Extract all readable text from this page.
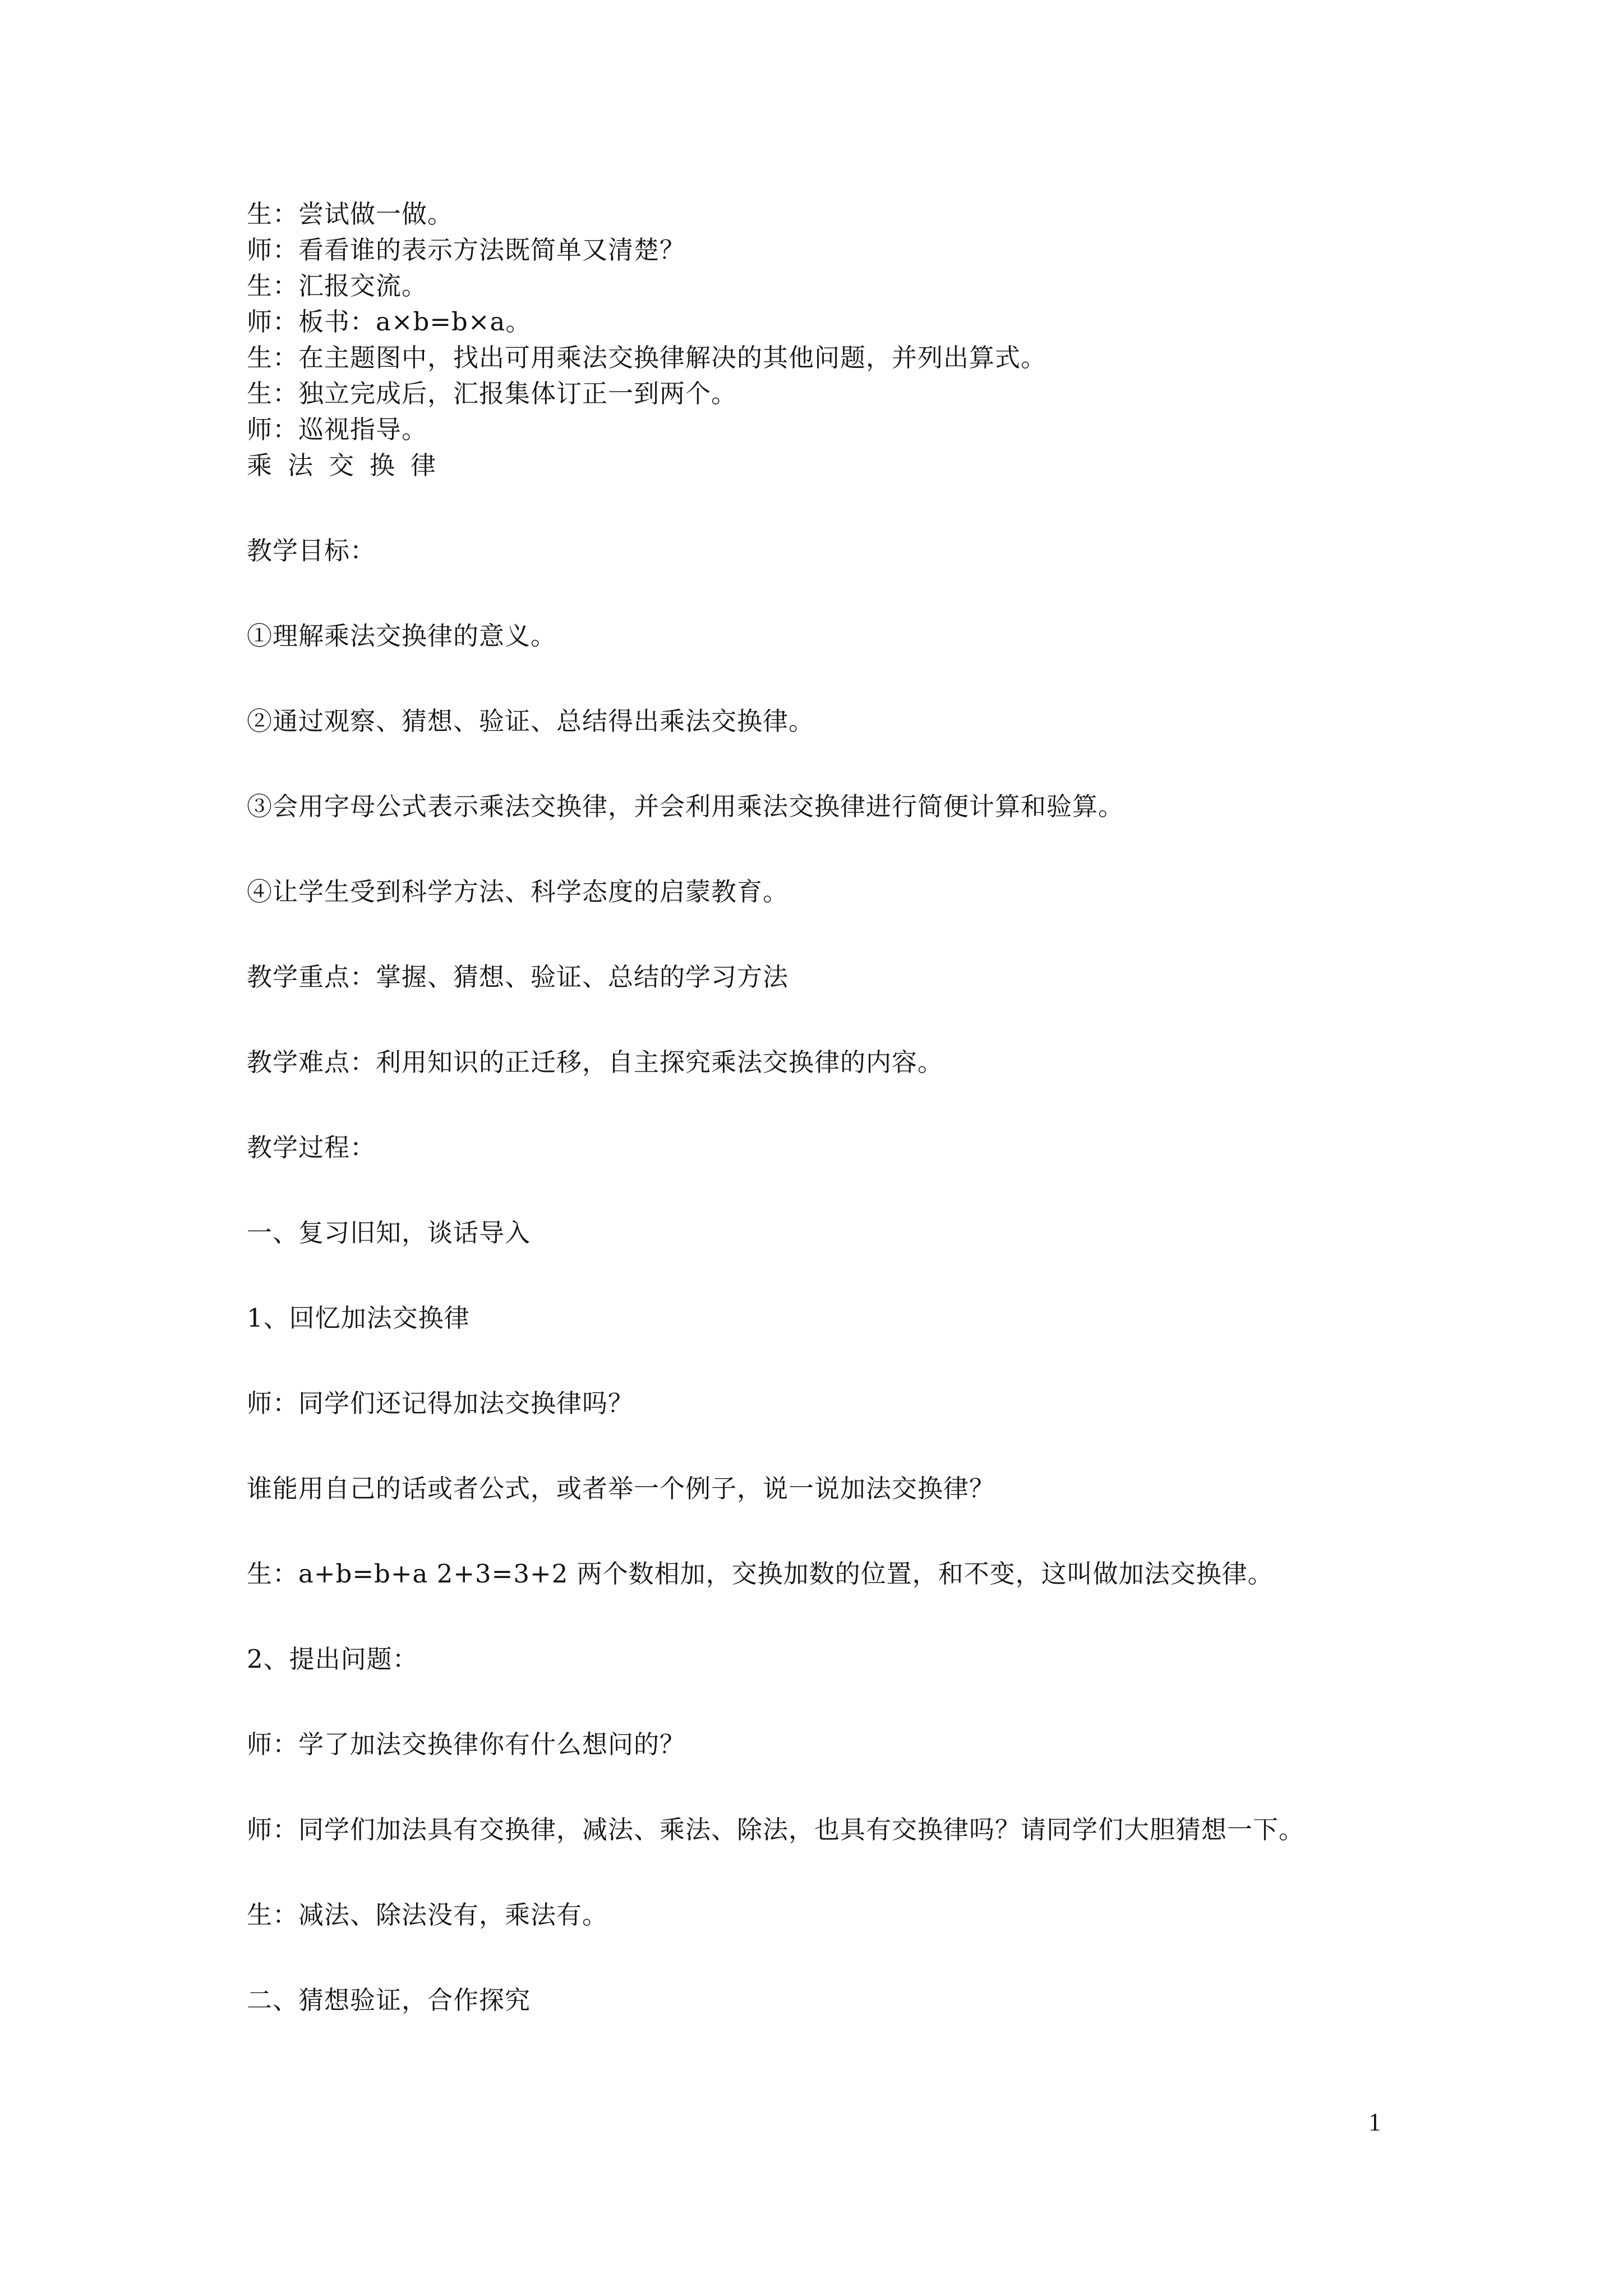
生：尝试做一做。
师：看看谁的表示方法既简单又清楚？
生：汇报交流。
师：板书：a×b=b×a。
生：在主题图中，找出可用乘法交换律解决的其他问题，并列出算式。
生：独立完成后，汇报集体订正一到两个。
师：巡视指导。
乘法交换律
教学目标：
①理解乘法交换律的意义。
②通过观察、猜想、验证、总结得出乘法交换律。
③会用字母公式表示乘法交换律，并会利用乘法交换律进行简便计算和验算。
④让学生受到科学方法、科学态度的启蒙教育。
教学重点：掌握、猜想、验证、总结的学习方法
教学难点：利用知识的正迁移，自主探究乘法交换律的内容。
教学过程：
一、复习旧知，谈话导入
1、回忆加法交换律
师：同学们还记得加法交换律吗？
谁能用自己的话或者公式，或者举一个例子，说一说加法交换律？
生：a+b=b+a 2+3=3+2 两个数相加，交换加数的位置，和不变，这叫做加法交换律。
2、提出问题：
师：学了加法交换律你有什么想问的？
师：同学们加法具有交换律，减法、乘法、除法，也具有交换律吗？请同学们大胆猜想一下。
生：减法、除法没有，乘法有。
二、猜想验证，合作探究
1
